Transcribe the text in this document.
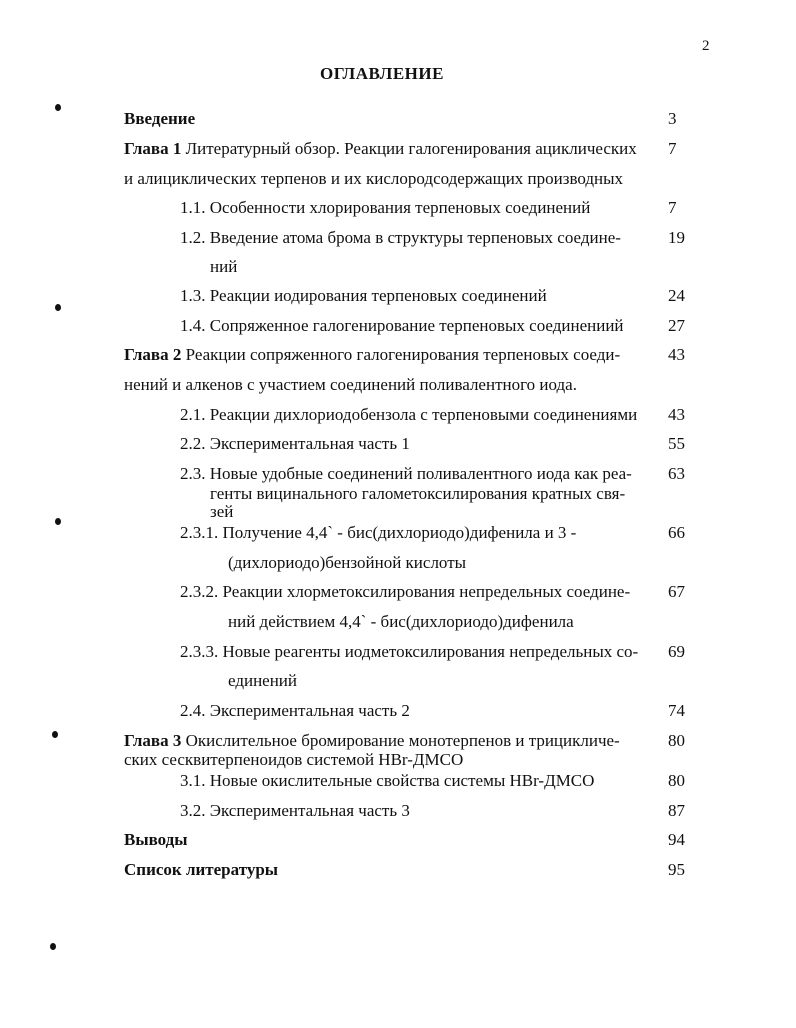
2
ОГЛАВЛЕНИЕ
Введение	3
Глава 1 Литературный обзор. Реакции галогенирования ациклических 7
и алициклических терпенов и их кислородсодержащих производных
1.1. Особенности хлорирования терпеновых соединений	7
1.2. Введение атома брома в структуры терпеновых соедине-	19
ний
1.3. Реакции иодирования терпеновых соединений	24
1.4. Сопряженное галогенирование терпеновых соединениий	27
Глава 2 Реакции сопряженного галогенирования терпеновых соеди-	43
нений и алкенов с участием соединений поливалентного иода.
2.1. Реакции дихлориодобензола с терпеновыми соединениями 43
2.2. Экспериментальная часть 1	55
2.3. Новые удобные соединений поливалентного иода как реа- 63
генты вицинального галометоксилирования кратных свя-
зей
2.3.1. Получение 4,4` - бис(дихлориодо)дифенила и 3 -	66
(дихлориодо)бензойной кислоты
2.3.2. Реакции хлорметоксилирования непредельных соедине- 67
ний действием 4,4` - бис(дихлориодо)дифенила
2.3.3. Новые реагенты иодметоксилирования непредельных со- 69
единений
2.4. Экспериментальная часть 2	74
Глава 3 Окислительное бромирование монотерпенов и трицикличе-	80
ских сесквитерпеноидов системой HBr-ДМСО
3.1. Новые окислительные свойства системы HBr-ДМСО	80
3.2. Экспериментальная часть 3	87
Выводы	94
Список литературы	95
